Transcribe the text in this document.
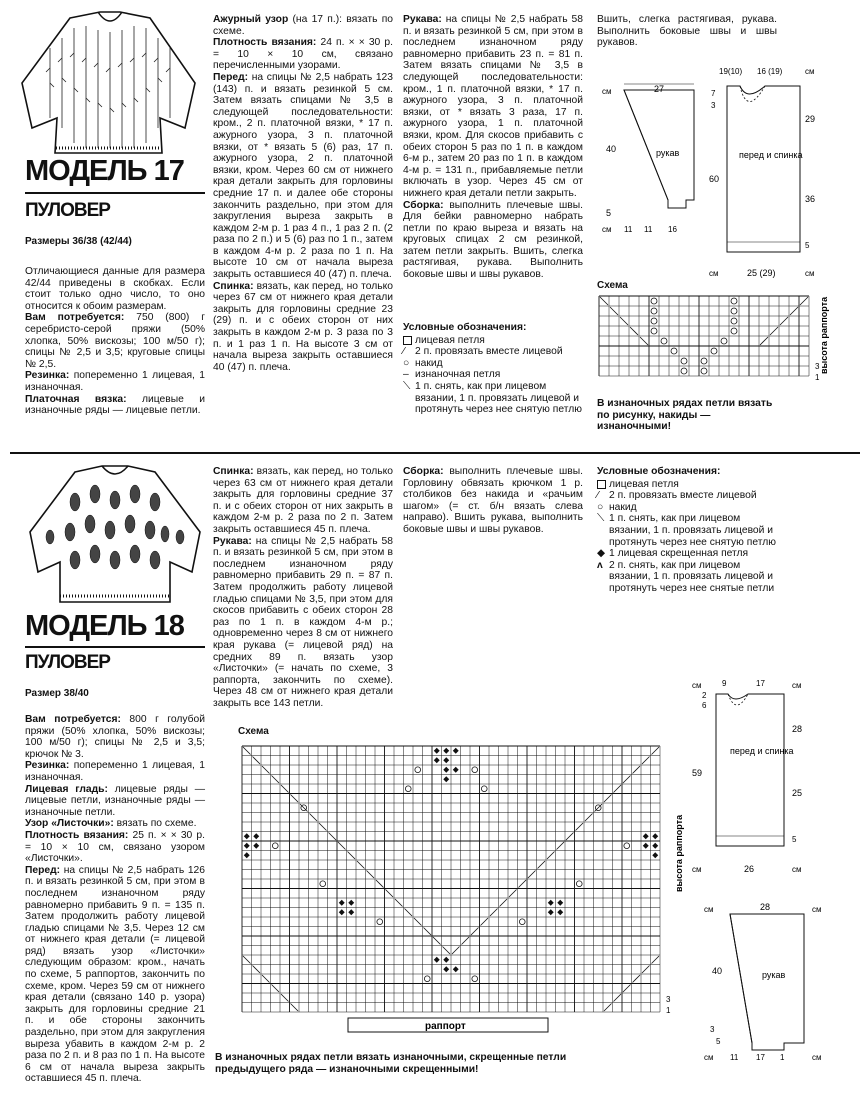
МОДЕЛЬ 17
ПУЛОВЕР
Размеры 36/38 (42/44)

Отличающиеся данные для размера 42/44 приведены в скобках. Если стоит только одно число, то оно относится к обоим размерам.

Вам потребуется: 750 (800) г серебристо-серой пряжи (50% хлопка, 50% вискозы; 100 м/50 г); спицы № 2,5 и 3,5; круговые спицы № 2,5.

Резинка: попеременно 1 лицевая, 1 изнаночная.

Платочная вязка: лицевые и изнаночные ряды — лицевые петли.

Ажурный узор (на 17 п.): вязать по схеме.

Плотность вязания: 24 п. × × 30 р. = 10 × 10 см, связано перечисленными узорами.

Перед: на спицы № 2,5 набрать 123 (143) п. и вязать резинкой 5 см. Затем вязать спицами № 3,5 в следующей последовательности: кром., 2 п. платочной вязки, * 17 п. ажурного узора, 3 п. платочной вязки, от * вязать 5 (6) раз, 17 п. ажурного узора, 2 п. платочной вязки, кром. Через 60 см от нижнего края детали закрыть для горловины средние 17 п. и далее обе стороны закончить раздельно, при этом для закругления выреза закрыть в каждом 2-м р. 1 раз 4 п., 1 раз 2 п. (2 раза по 2 п.) и 5 (6) раз по 1 п., затем в каждом 4-м р. 2 раза по 1 п. На высоте 10 см от начала выреза закрыть оставшиеся 40 (47) п. плеча.

Спинка: вязать, как перед, но только через 67 см от нижнего края детали закрыть для горловины средние 23 (29) п. и с обеих сторон от них закрыть в каждом 2-м р. 3 раза по 3 п. и 1 раз 1 п. На высоте 3 см от начала выреза закрыть оставшиеся 40 (47) п. плеча.

Рукава: на спицы № 2,5 набрать 58 п. и вязать резинкой 5 см, при этом в последнем изнаночном ряду равномерно прибавить 23 п. = 81 п. Затем вязать спицами № 3,5 в следующей последовательности: кром., 1 п. платочной вязки, * 17 п. ажурного узора, 3 п. платочной вязки, от * вязать 3 раза, 17 п. ажурного узора, 1 п. платочной вязки, кром. Для скосов прибавить с обеих сторон 5 раз по 1 п. в каждом 6-м р., затем 20 раз по 1 п. в каждом 4-м р. = 131 п., прибавляемые петли включать в узор. Через 45 см от нижнего края детали петли закрыть.

Сборка: выполнить плечевые швы. Для бейки равномерно набрать петли по краю выреза и вязать на круговых спицах 2 см резинкой, затем петли закрыть. Вшить, слегка растягивая, рукава. Выполнить боковые швы и швы рукавов.

Условные обозначения:
лицевая петля
⁄ 2 п. провязать вместе лицевой
○ накид
– изнаночная петля
⟍ 1 п. снять, как при лицевом вязании, 1 п. провязать лицевой и протянуть через нее снятую петлю
Вшить, слегка растягивая, рукава. Выполнить боковые швы и швы рукавов.
см	27
40	рукав
5
см 11 11 16
19(10) 16 (19)	см
7
3
29
60
перед и спинка
36
5
см	25 (29)	см
Схема
3
1
высота раппорта
В изнаночных рядах петли вязать по рисунку, накиды — изнаночными!
МОДЕЛЬ 18
ПУЛОВЕР
Размер 38/40

Вам потребуется: 800 г голубой пряжи (50% хлопка, 50% вискозы; 100 м/50 г); спицы № 2,5 и 3,5; крючок № 3.

Резинка: попеременно 1 лицевая, 1 изнаночная.

Лицевая гладь: лицевые ряды — лицевые петли, изнаночные ряды — изнаночные петли.

Узор «Листочки»: вязать по схеме.

Плотность вязания: 25 п. × × 30 р. = 10 × 10 см, связано узором «Листочки».

Перед: на спицы № 2,5 набрать 126 п. и вязать резинкой 5 см, при этом в последнем изнаночном ряду равномерно прибавить 9 п. = 135 п. Затем продолжить работу лицевой гладью спицами № 3,5. Через 12 см от нижнего края детали (= лицевой ряд) вязать узор «Листочки» следующим образом: кром., начать по схеме, 5 раппортов, закончить по схеме, кром. Через 59 см от нижнего края детали (связано 140 р. узора) закрыть для горловины средние 21 п. и обе стороны закончить раздельно, при этом для закругления выреза убавить в каждом 2-м р. 2 раза по 2 п. и 8 раз по 1 п. На высоте 6 см от начала выреза закрыть оставшиеся 45 п. плеча.

Спинка: вязать, как перед, но только через 63 см от нижнего края детали закрыть для горловины средние 37 п. и с обеих сторон от них закрыть в каждом 2-м р. 2 раза по 2 п. Затем закрыть оставшиеся 45 п. плеча.

Рукава: на спицы № 2,5 набрать 58 п. и вязать резинкой 5 см, при этом в последнем изнаночном ряду равномерно прибавить 29 п. = 87 п. Затем продолжить работу лицевой гладью спицами № 3,5, при этом для скосов прибавить с обеих сторон 28 раз по 1 п. в каждом 4-м р.; одновременно через 8 см от нижнего края рукава (= лицевой ряд) на средних 89 п. вязать узор «Листочки» (= начать по схеме, 3 раппорта, закончить по схеме). Через 48 см от нижнего края детали закрыть все 143 петли.

Сборка: выполнить плечевые швы. Горловину обвязать крючком 1 р. столбиков без накида и «рачьим шагом» (= ст. б/н вязать слева направо). Вшить рукава, выполнить боковые швы и швы рукавов.

Условные обозначения:
лицевая петля
⁄ 2 п. провязать вместе лицевой
○ накид
⟍ 1 п. снять, как при лицевом вязании, 1 п. провязать лицевой и протянуть через нее снятую петлю
◆ 1 лицевая скрещенная петля
ʌ 2 п. снять, как при лицевом вязании, 1 п. провязать лицевой и протянуть через нее снятые петли
см	9	17	см
2
6
28
59
перед и спинка
25
5
см	26	см
см	28	см
40	рукав
3
5
см 11 17 1	см
Схема
раппорт
3
1
высота раппорта
В изнаночных рядах петли вязать изнаночными, скрещенные петли предыдущего ряда — изнаночными скрещенными!
